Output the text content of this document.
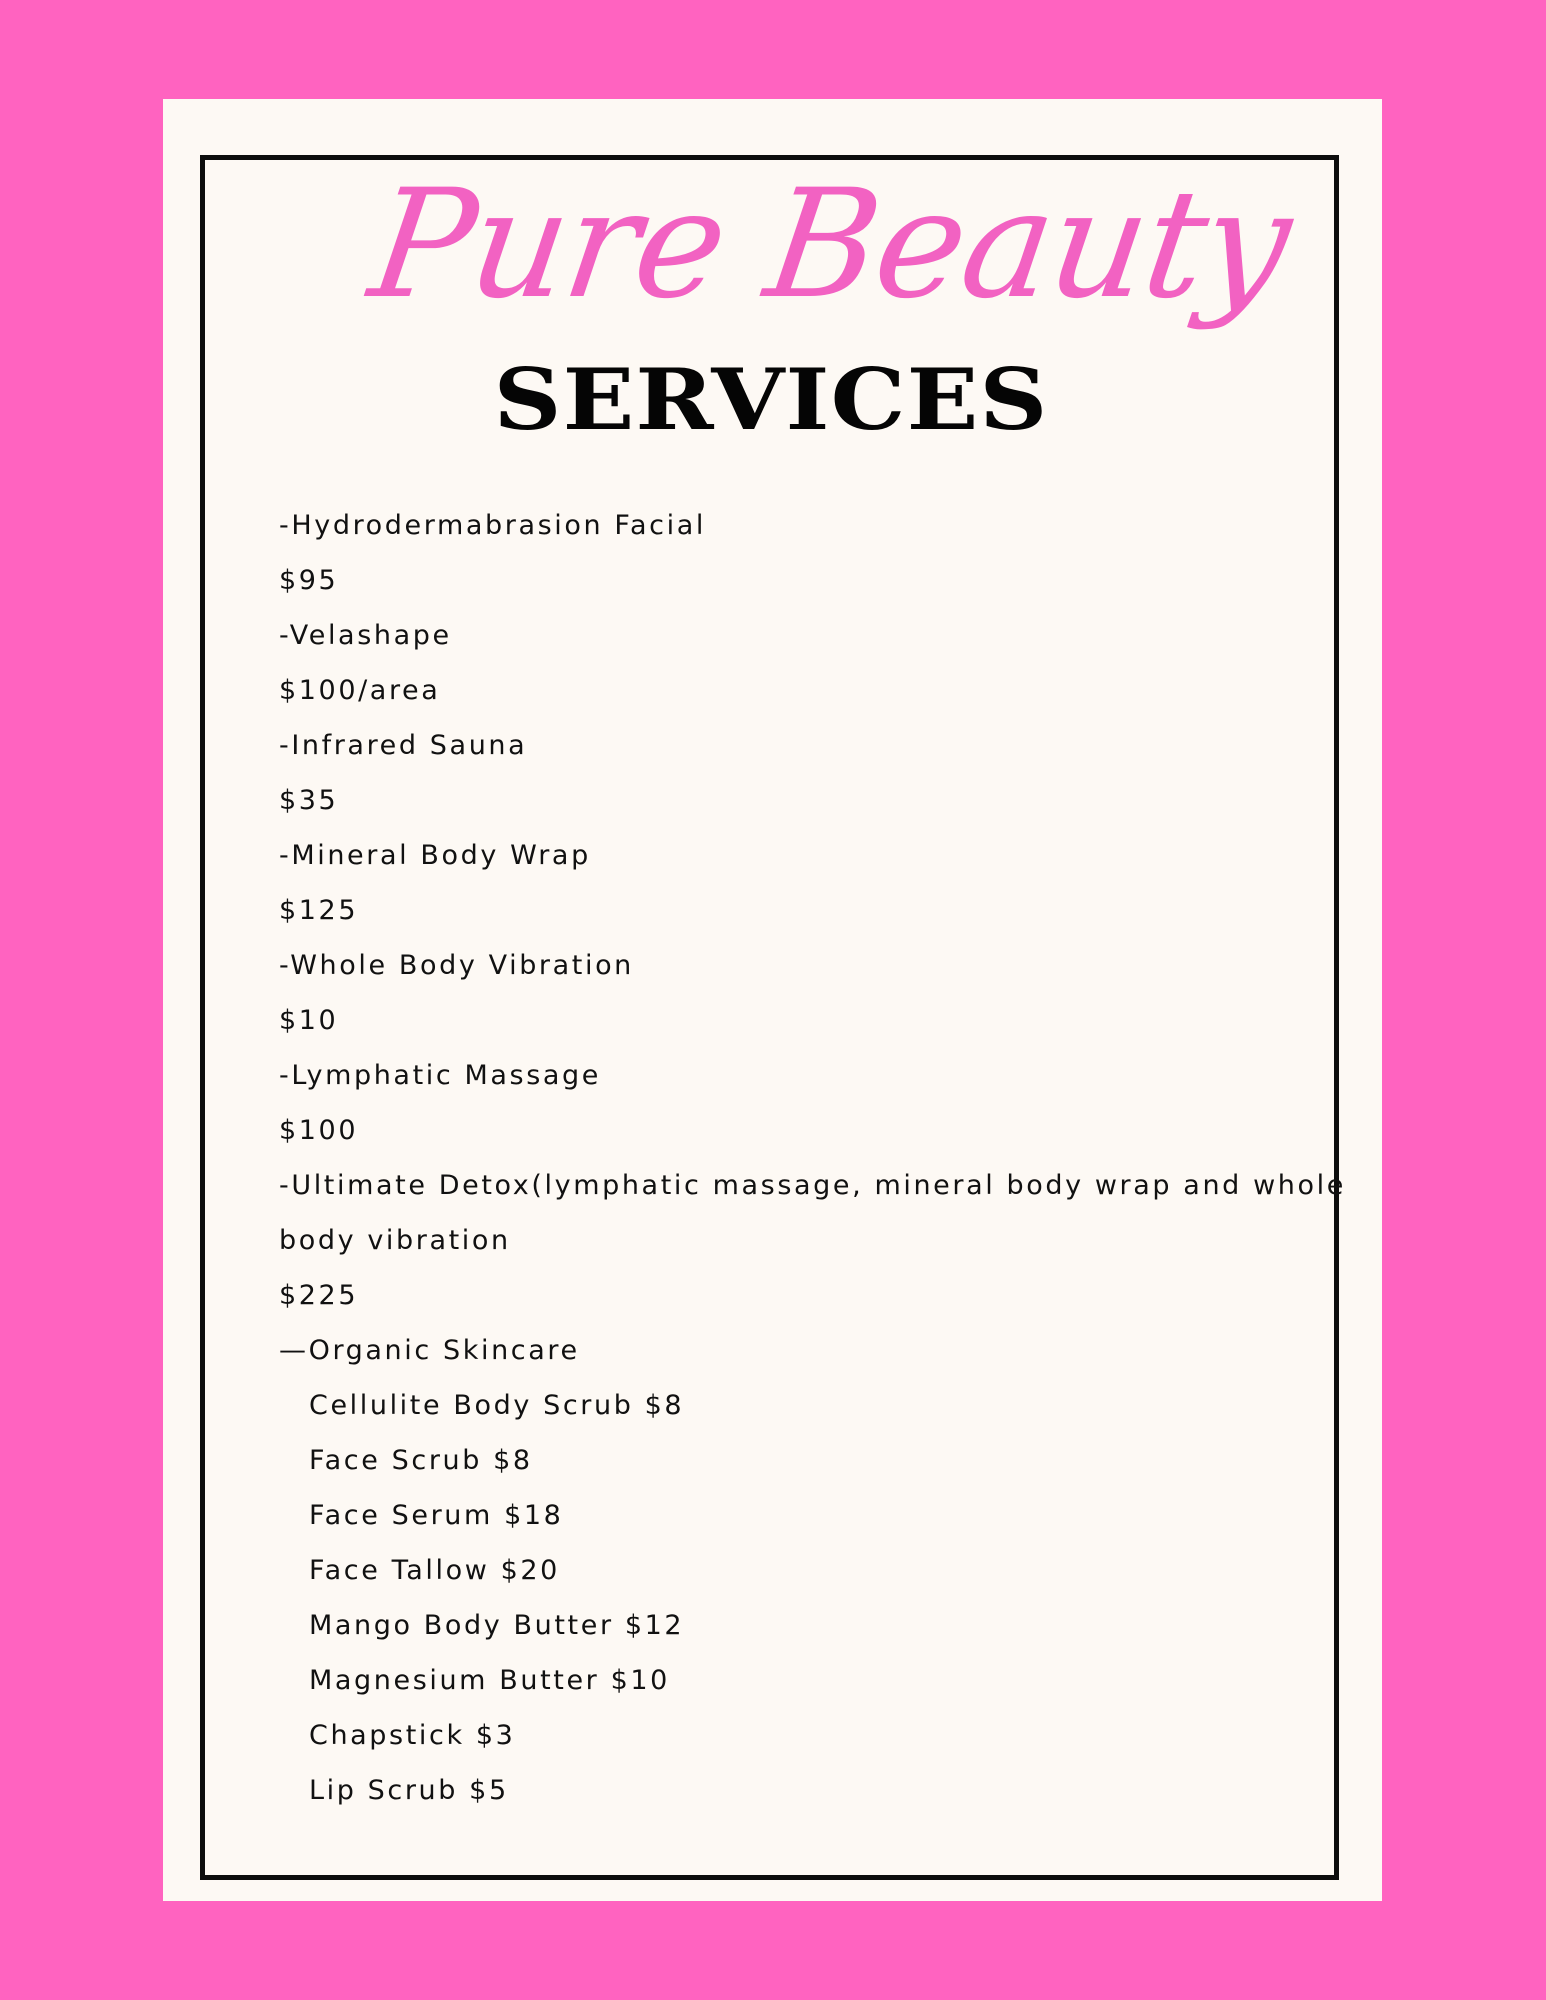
Pure Beauty
SERVICES
-Hydrodermabrasion Facial
$95
-Velashape
$100/area
-Infrared Sauna
$35
-Mineral Body Wrap
$125
-Whole Body Vibration
$10
-Lymphatic Massage
$100
-Ultimate Detox(lymphatic massage, mineral body wrap and whole
body vibration
$225
—Organic Skincare
Cellulite Body Scrub $8
Face Scrub $8
Face Serum $18
Face Tallow $20
Mango Body Butter $12
Magnesium Butter $10
Chapstick $3
Lip Scrub $5
